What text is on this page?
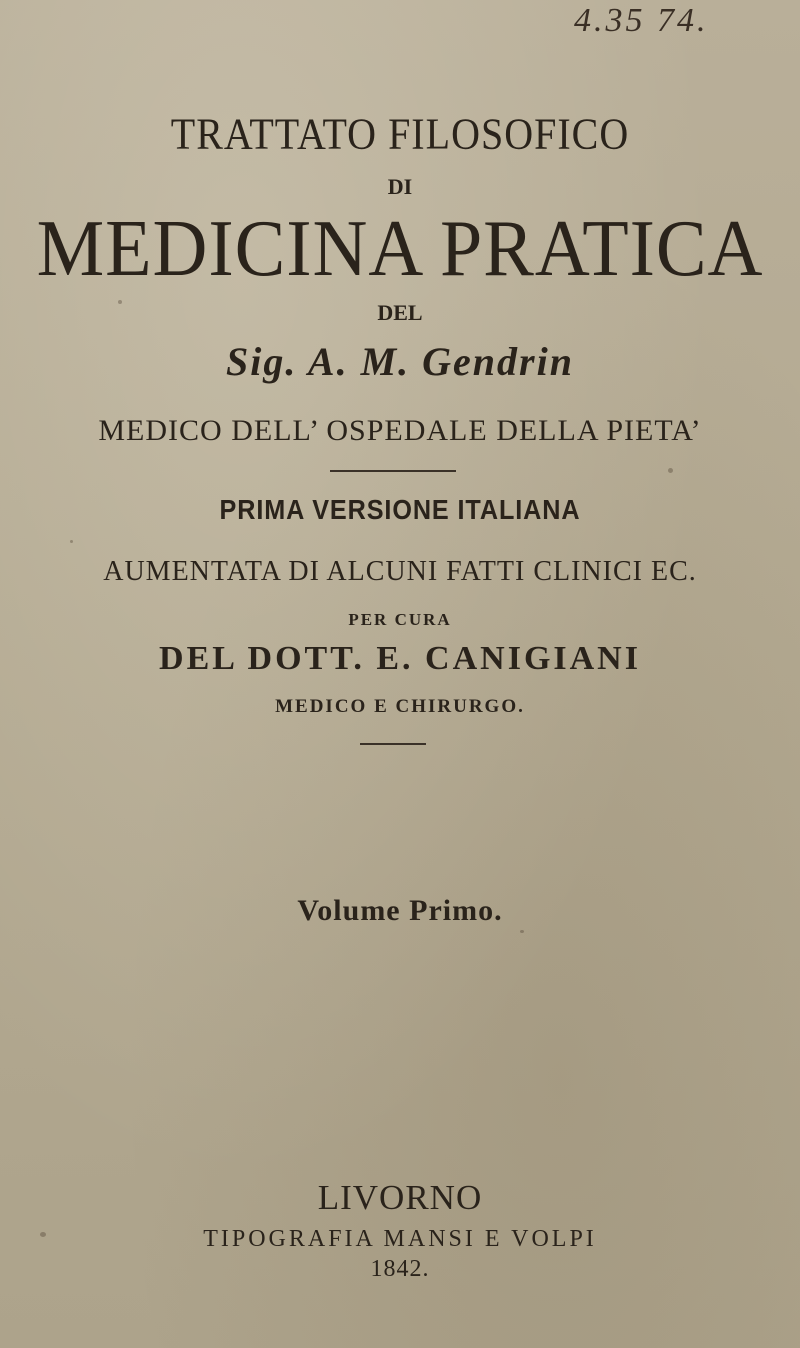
4.35 74.
TRATTATO FILOSOFICO
DI
MEDICINA PRATICA
DEL
Sig. A. M. Gendrin
MEDICO DELL’ OSPEDALE DELLA PIETA’
PRIMA VERSIONE ITALIANA
AUMENTATA DI ALCUNI FATTI CLINICI EC.
PER CURA
DEL DOTT. E. CANIGIANI
MEDICO E CHIRURGO.
Volume Primo.
LIVORNO
TIPOGRAFIA MANSI E VOLPI
1842.
